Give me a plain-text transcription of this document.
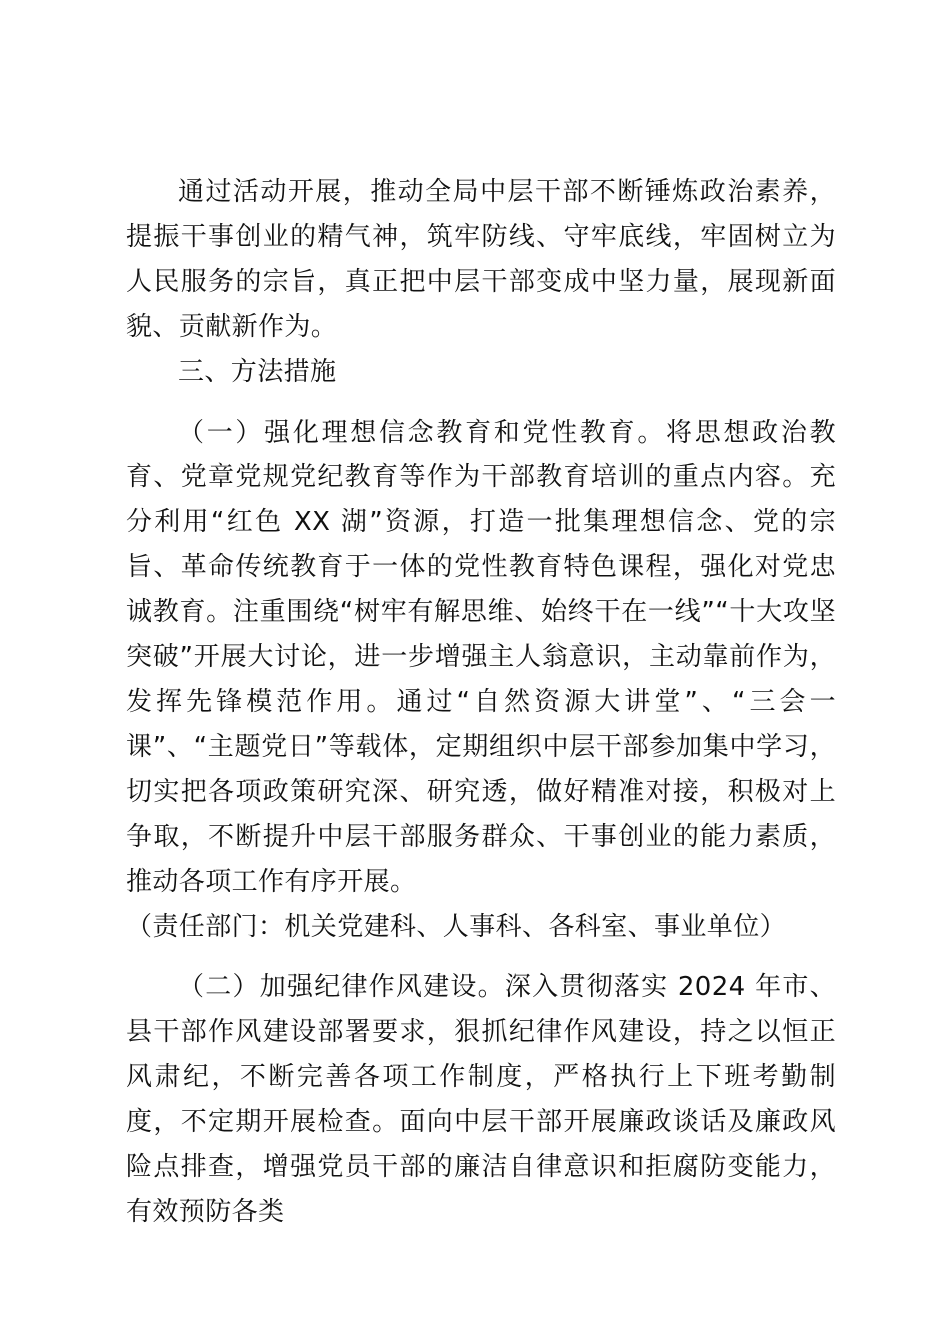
通过活动开展，推动全局中层干部不断锤炼政治素养，提振干事创业的精气神，筑牢防线、守牢底线，牢固树立为人民服务的宗旨，真正把中层干部变成中坚力量，展现新面貌、贡献新作为。

三、方法措施

（一）强化理想信念教育和党性教育。将思想政治教育、党章党规党纪教育等作为干部教育培训的重点内容。充分利用“红色 XX 湖”资源，打造一批集理想信念、党的宗旨、革命传统教育于一体的党性教育特色课程，强化对党忠诚教育。注重围绕“树牢有解思维、始终干在一线”“十大攻坚突破”开展大讨论，进一步增强主人翁意识，主动靠前作为，发挥先锋模范作用。通过“自然资源大讲堂”、“三会一课”、“主题党日”等载体，定期组织中层干部参加集中学习，切实把各项政策研究深、研究透，做好精准对接，积极对上争取，不断提升中层干部服务群众、干事创业的能力素质，推动各项工作有序开展。
（责任部门：机关党建科、人事科、各科室、事业单位）

（二）加强纪律作风建设。深入贯彻落实 2024 年市、县干部作风建设部署要求，狠抓纪律作风建设，持之以恒正风肃纪，不断完善各项工作制度，严格执行上下班考勤制度，不定期开展检查。面向中层干部开展廉政谈话及廉政风险点排查，增强党员干部的廉洁自律意识和拒腐防变能力，有效预防各类
